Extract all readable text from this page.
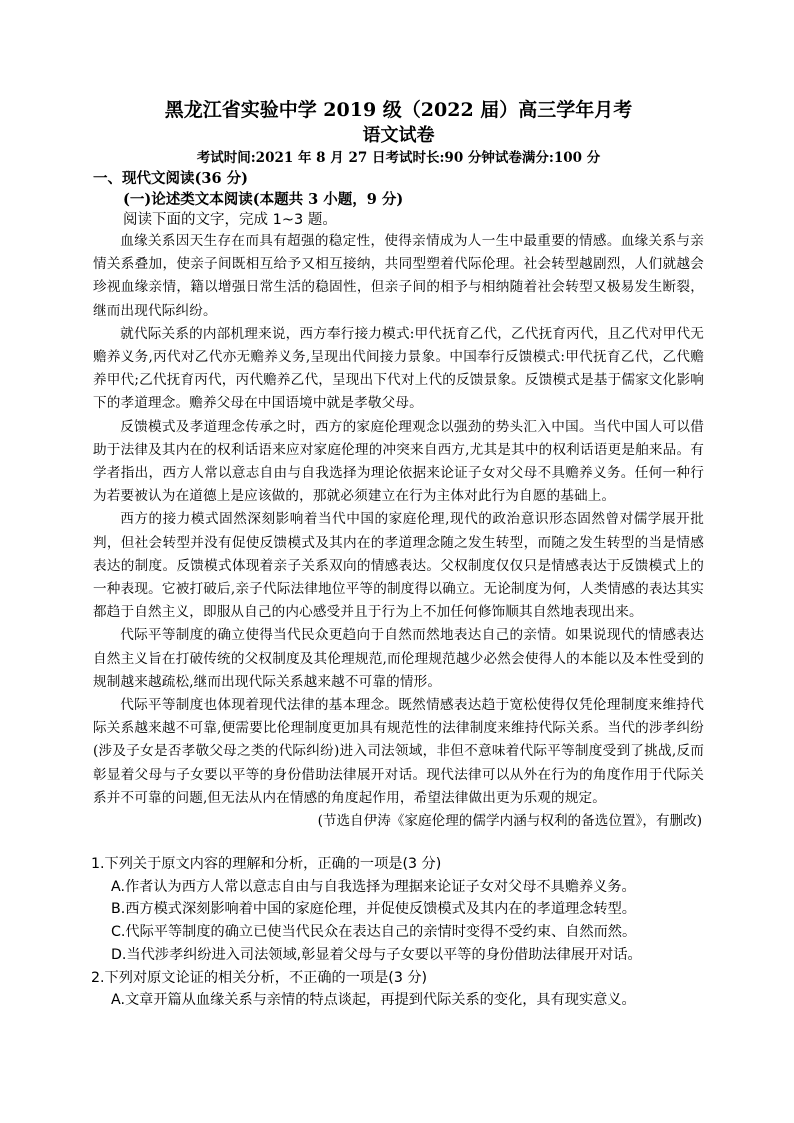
黑龙江省实验中学 2019 级（2022 届）高三学年月考
语文试卷

考试时间:2021 年 8 月 27 日考试时长:90 分钟试卷满分:100 分

一、现代文阅读(36 分)

(一)论述类文本阅读(本题共 3 小题，9 分)

阅读下面的文字，完成 1~3 题。

血缘关系因天生存在而具有超强的稳定性，使得亲情成为人一生中最重要的情感。血缘关系与亲情关系叠加，使亲子间既相互给予又相互接纳，共同型塑着代际伦理。社会转型越剧烈，人们就越会珍视血缘亲情，籍以增强日常生活的稳固性，但亲子间的相予与相纳随着社会转型又极易发生断裂，继而出现代际纠纷。

就代际关系的内部机理来说，西方奉行接力模式:甲代抚育乙代，乙代抚育丙代，且乙代对甲代无赡养义务,丙代对乙代亦无赡养义务,呈现出代间接力景象。中国奉行反馈模式:甲代抚育乙代，乙代赡养甲代;乙代抚育丙代，丙代赡养乙代，呈现出下代对上代的反馈景象。反馈模式是基于儒家文化影响下的孝道理念。赡养父母在中国语境中就是孝敬父母。

反馈模式及孝道理念传承之时，西方的家庭伦理观念以强劲的势头汇入中国。当代中国人可以借助于法律及其内在的权利话语来应对家庭伦理的冲突来自西方,尤其是其中的权利话语更是舶来品。有学者指出，西方人常以意志自由与自我选择为理论依据来论证子女对父母不具赡养义务。任何一种行为若要被认为在道德上是应该做的，那就必须建立在行为主体对此行为自愿的基础上。

西方的接力模式固然深刻影响着当代中国的家庭伦理,现代的政治意识形态固然曾对儒学展开批判，但社会转型并没有促使反馈模式及其内在的孝道理念随之发生转型，而随之发生转型的当是情感表达的制度。反馈模式体现着亲子关系双向的情感表达。父权制度仅仅只是情感表达于反馈模式上的一种表现。它被打破后,亲子代际法律地位平等的制度得以确立。无论制度为何，人类情感的表达其实都趋于自然主义，即服从自己的内心感受并且于行为上不加任何修饰顺其自然地表现出来。

代际平等制度的确立使得当代民众更趋向于自然而然地表达自己的亲情。如果说现代的情感表达自然主义旨在打破传统的父权制度及其伦理规范,而伦理规范越少必然会使得人的本能以及本性受到的规制越来越疏松,继而出现代际关系越来越不可靠的情形。

代际平等制度也体现着现代法律的基本理念。既然情感表达趋于宽松使得仅凭伦理制度来维持代际关系越来越不可靠,便需要比伦理制度更加具有规范性的法律制度来维持代际关系。当代的涉孝纠纷(涉及子女是否孝敬父母之类的代际纠纷)进入司法领域，非但不意味着代际平等制度受到了挑战,反而彰显着父母与子女要以平等的身份借助法律展开对话。现代法律可以从外在行为的角度作用于代际关系并不可靠的问题,但无法从内在情感的角度起作用，希望法律做出更为乐观的规定。

(节选自伊涛《家庭伦理的儒学内涵与权利的备选位置》，有删改)

1.下列关于原文内容的理解和分析，正确的一项是(3 分)

A.作者认为西方人常以意志自由与自我选择为理据来论证子女对父母不具赡养义务。

B.西方模式深刻影响着中国的家庭伦理，并促使反馈模式及其内在的孝道理念转型。

C.代际平等制度的确立已使当代民众在表达自己的亲情时变得不受约束、自然而然。

D.当代涉孝纠纷进入司法领域,彰显着父母与子女要以平等的身份借助法律展开对话。

2.下列对原文论证的相关分析，不正确的一项是(3 分)

A.文章开篇从血缘关系与亲情的特点谈起，再提到代际关系的变化，具有现实意义。
